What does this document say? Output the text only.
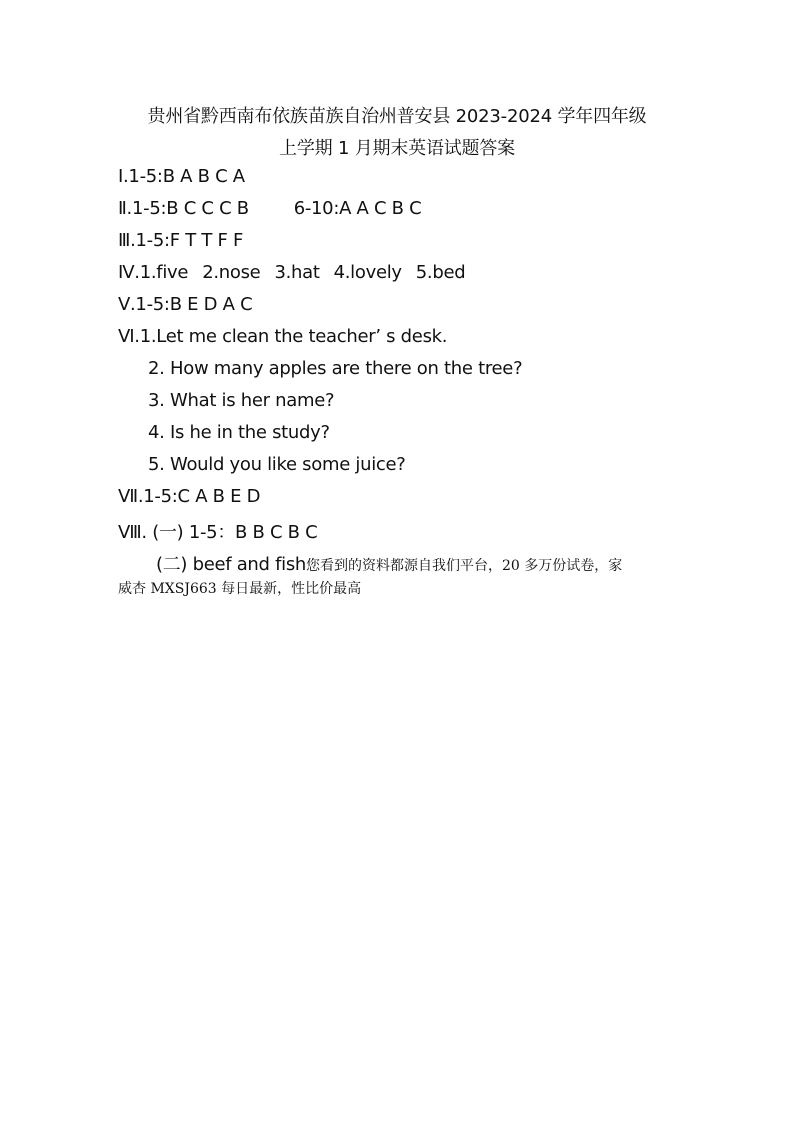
贵州省黔西南布依族苗族自治州普安县 2023-2024 学年四年级
上学期 1 月期末英语试题答案
Ⅰ.1-5:B A B C A
Ⅱ.1-5:B C C C B 6-10:A A C B C
Ⅲ.1-5:F T T F F
Ⅳ.1.five 2.nose 3.hat 4.lovely 5.bed
Ⅴ.1-5:B E D A C
Ⅵ.1.Let me clean the teacher’ s desk.
2. How many apples are there on the tree?
3. What is her name?
4. Is he in the study?
5. Would you like some juice?
Ⅶ.1-5:C A B E D
Ⅷ. (一) 1-5：B B C B C
(二) beef and fish您看到的资料都源自我们平台，20 多万份试卷，家
威杏 MXSJ663 每日最新，性比价最高
